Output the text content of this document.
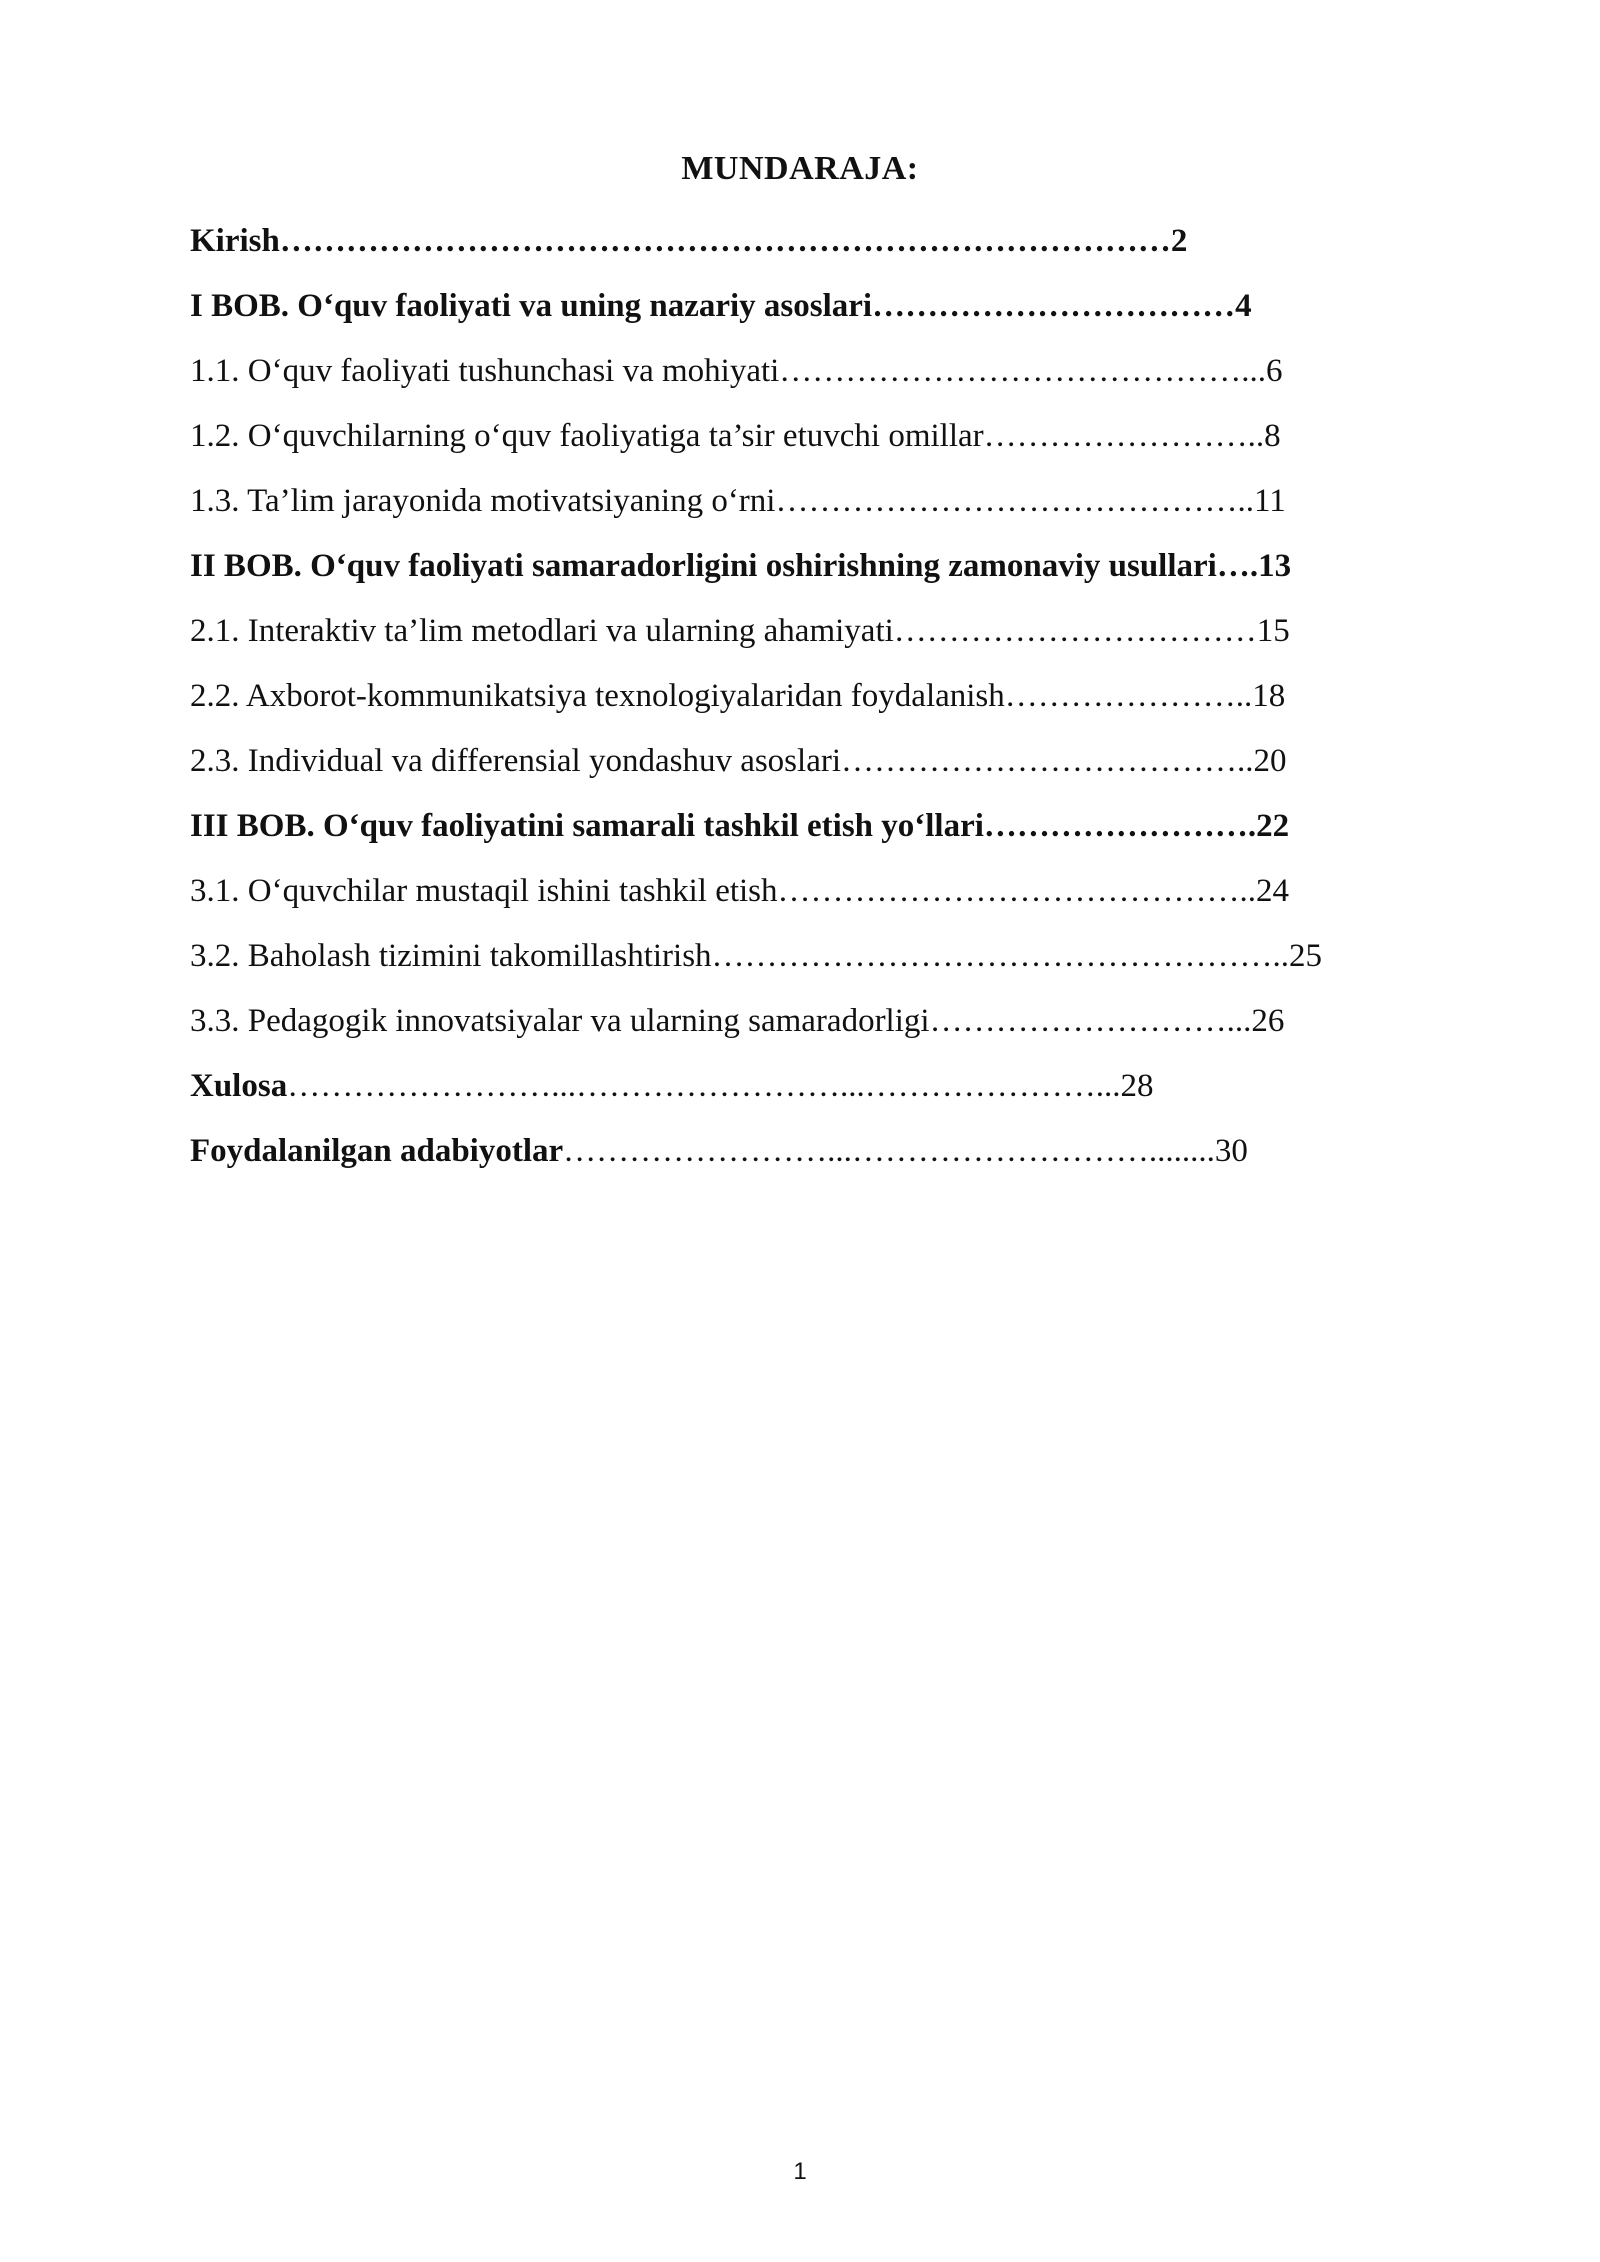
MUNDARAJA:
Kirish………………………………………………………………………2
I BOB. O‘quv faoliyati va uning nazariy asoslari……………………………4
1.1. O‘quv faoliyati tushunchasi va mohiyati……………………………………...6
1.2. O‘quvchilarning o‘quv faoliyatiga ta’sir etuvchi omillar……………………..8
1.3. Ta’lim jarayonida motivatsiyaning o‘rni……………………………………..11
II BOB. O‘quv faoliyati samaradorligini oshirishning zamonaviy usullari….13
2.1. Interaktiv ta’lim metodlari va ularning ahamiyati……………………………15
2.2. Axborot-kommunikatsiya texnologiyalaridan foydalanish…………………..18
2.3. Individual va differensial yondashuv asoslari………………………………..20
III BOB. O‘quv faoliyatini samarali tashkil etish yo‘llari…………………….22
3.1. O‘quvchilar mustaqil ishini tashkil etish……………………………………..24
3.2. Baholash tizimini takomillashtirish……………………………………………..25
3.3. Pedagogik innovatsiyalar va ularning samaradorligi………………………...26
Xulosa……………………...……………………...…………………...28
Foydalanilgan adabiyotlar……………………...………………………........30
1
